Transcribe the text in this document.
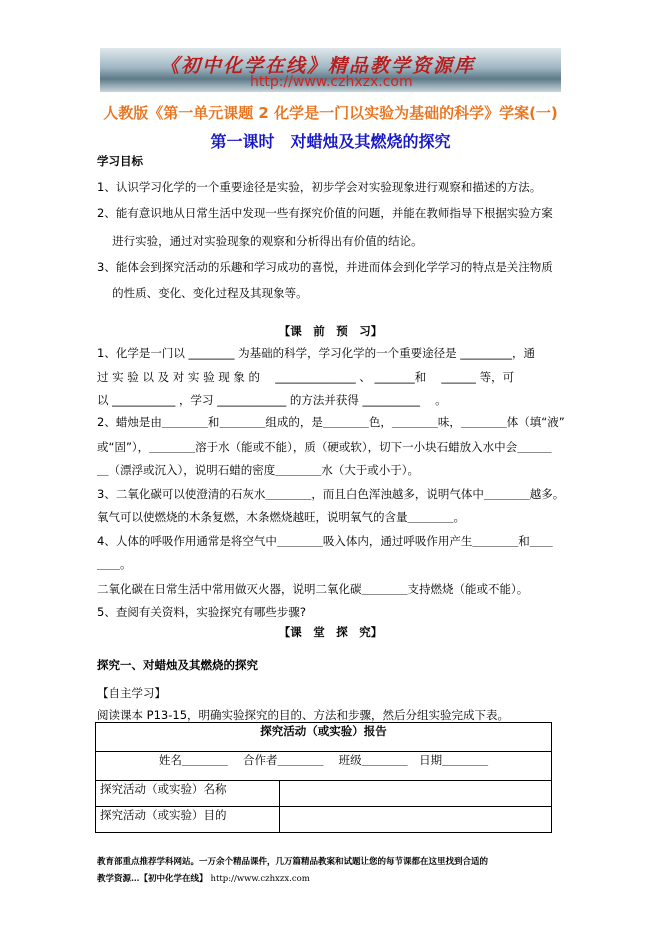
《初中化学在线》精品教学资源库
http://www.czhxzx.com
人教版《第一单元课题 2 化学是一门以实验为基础的科学》学案(一)
第一课时　对蜡烛及其燃烧的探究
学习目标
1、认识学习化学的一个重要途径是实验，初步学会对实验现象进行观察和描述的方法。
2、能有意识地从日常生活中发现一些有探究价值的问题，并能在教师指导下根据实验方案
　 进行实验，通过对实验现象的观察和分析得出有价值的结论。
3、能体会到探究活动的乐趣和学习成功的喜悦，并进而体会到化学学习的特点是关注物质
　 的性质、变化、变化过程及其现象等。
【课　前　预　习】
1、化学是一门以 ________ 为基础的科学，学习化学的一个重要途径是 _________，通
过 实 验 以 及 对 实 验 现 象 的 　______________ 、 _______和 　______ 等，可
以 ___________ ，学习 ____________ 的方法并获得 __________ 　。
2、蜡烛是由＿＿＿＿和＿＿＿＿组成的，是＿＿＿＿色，＿＿＿＿味，＿＿＿＿体（填“液”
或“固”），＿＿＿＿溶于水（能或不能），质（硬或软），切下一小块石蜡放入水中会＿＿＿
＿（漂浮或沉入），说明石蜡的密度＿＿＿＿水（大于或小于）。
3、二氧化碳可以使澄清的石灰水＿＿＿＿，而且白色浑浊越多，说明气体中＿＿＿＿越多。
氧气可以使燃烧的木条复燃，木条燃烧越旺，说明氧气的含量＿＿＿＿。
4、人体的呼吸作用通常是将空气中＿＿＿＿吸入体内，通过呼吸作用产生＿＿＿＿和＿＿
＿＿。
二氧化碳在日常生活中常用做灭火器，说明二氧化碳＿＿＿＿支持燃烧（能或不能）。
5、查阅有关资料，实验探究有哪些步骤?
【课　堂　探　究】
探究一、对蜡烛及其燃烧的探究
【自主学习】
阅读课本 P13-15，明确实验探究的目的、方法和步骤，然后分组实验完成下表。
探究活动（或实验）报告	
姓名＿＿＿＿　 合作者＿＿＿＿　 班级＿＿＿＿　日期＿＿＿＿	
探究活动（或实验）名称	
探究活动（或实验）目的	
教育部重点推荐学科网站。一万余个精品课件，几万篇精品教案和试题让您的每节课都在这里找到合适的
教学资源…【初中化学在线】 http://www.czhxzx.com
